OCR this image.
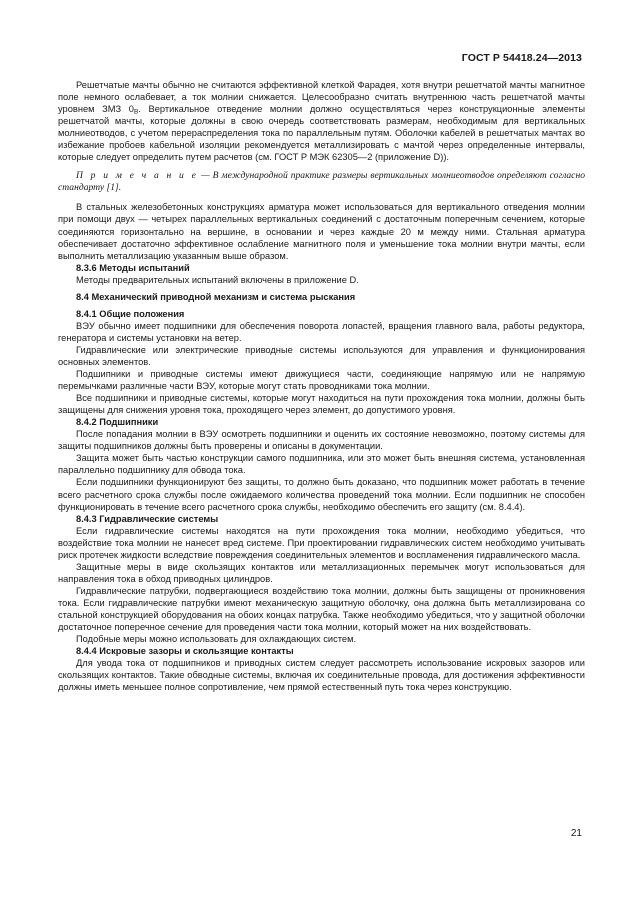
ГОСТ Р 54418.24—2013

Решетчатые мачты обычно не считаются эффективной клеткой Фарадея, хотя внутри решетчатой мачты магнитное поле немного ослабевает, а ток молнии снижается. Целесообразно считать внутреннюю часть решетчатой мачты уровнем ЗМЗ $0_В$. Вертикальное отведение молнии должно осуществляться через конструкционные элементы решетчатой мачты, которые должны в свою очередь соответствовать размерам, необходимым для вертикальных молниеотводов, с учетом перераспределения тока по параллельным путям. Оболочки кабелей в решетчатых мачтах во избежание пробоев кабельной изоляции рекомендуется металлизировать с мачтой через определенные интервалы, которые следует определить путем расчетов (см. ГОСТ Р МЭК 62305—2 (приложение D)).

П р и м е ч а н и е — В международной практике размеры вертикальных молниеотводов определяют согласно стандарту [1].

В стальных железобетонных конструкциях арматура может использоваться для вертикального отведения молнии при помощи двух — четырех параллельных вертикальных соединений с достаточным поперечным сечением, которые соединяются горизонтально на вершине, в основании и через каждые 20 м между ними. Стальная арматура обеспечивает достаточно эффективное ослабление магнитного поля и уменьшение тока молнии внутри мачты, если выполнить металлизацию указанным выше образом.

8.3.6 Методы испытаний

Методы предварительных испытаний включены в приложение D.

8.4 Механический приводной механизм и система рыскания

8.4.1 Общие положения

ВЭУ обычно имеет подшипники для обеспечения поворота лопастей, вращения главного вала, работы редуктора, генератора и системы установки на ветер.

Гидравлические или электрические приводные системы используются для управления и функционирования основных элементов.

Подшипники и приводные системы имеют движущиеся части, соединяющие напрямую или не напрямую перемычками различные части ВЭУ, которые могут стать проводниками тока молнии.

Все подшипники и приводные системы, которые могут находиться на пути прохождения тока молнии, должны быть защищены для снижения уровня тока, проходящего через элемент, до допустимого уровня.

8.4.2 Подшипники

После попадания молнии в ВЭУ осмотреть подшипники и оценить их состояние невозможно, поэтому системы для защиты подшипников должны быть проверены и описаны в документации.

Защита может быть частью конструкции самого подшипника, или это может быть внешняя система, установленная параллельно подшипнику для обвода тока.

Если подшипники функционируют без защиты, то должно быть доказано, что подшипник может работать в течение всего расчетного срока службы после ожидаемого количества проведений тока молнии. Если подшипник не способен функционировать в течение всего расчетного срока службы, необходимо обеспечить его защиту (см. 8.4.4).

8.4.3 Гидравлические системы

Если гидравлические системы находятся на пути прохождения тока молнии, необходимо убедиться, что воздействие тока молнии не нанесет вред системе. При проектировании гидравлических систем необходимо учитывать риск протечек жидкости вследствие повреждения соединительных элементов и воспламенения гидравлического масла.

Защитные меры в виде скользящих контактов или металлизационных перемычек могут использоваться для направления тока в обход приводных цилиндров.

Гидравлические патрубки, подвергающиеся воздействию тока молнии, должны быть защищены от проникновения тока. Если гидравлические патрубки имеют механическую защитную оболочку, она должна быть металлизирована со стальной конструкцией оборудования на обоих концах патрубка. Также необходимо убедиться, что у защитной оболочки достаточное поперечное сечение для проведения части тока молнии, который может на них воздействовать.

Подобные меры можно использовать для охлаждающих систем.

8.4.4 Искровые зазоры и скользящие контакты

Для увода тока от подшипников и приводных систем следует рассмотреть использование искровых зазоров или скользящих контактов. Такие обводные системы, включая их соединительные провода, для достижения эффективности должны иметь меньшее полное сопротивление, чем прямой естественный путь тока через конструкцию.

21
